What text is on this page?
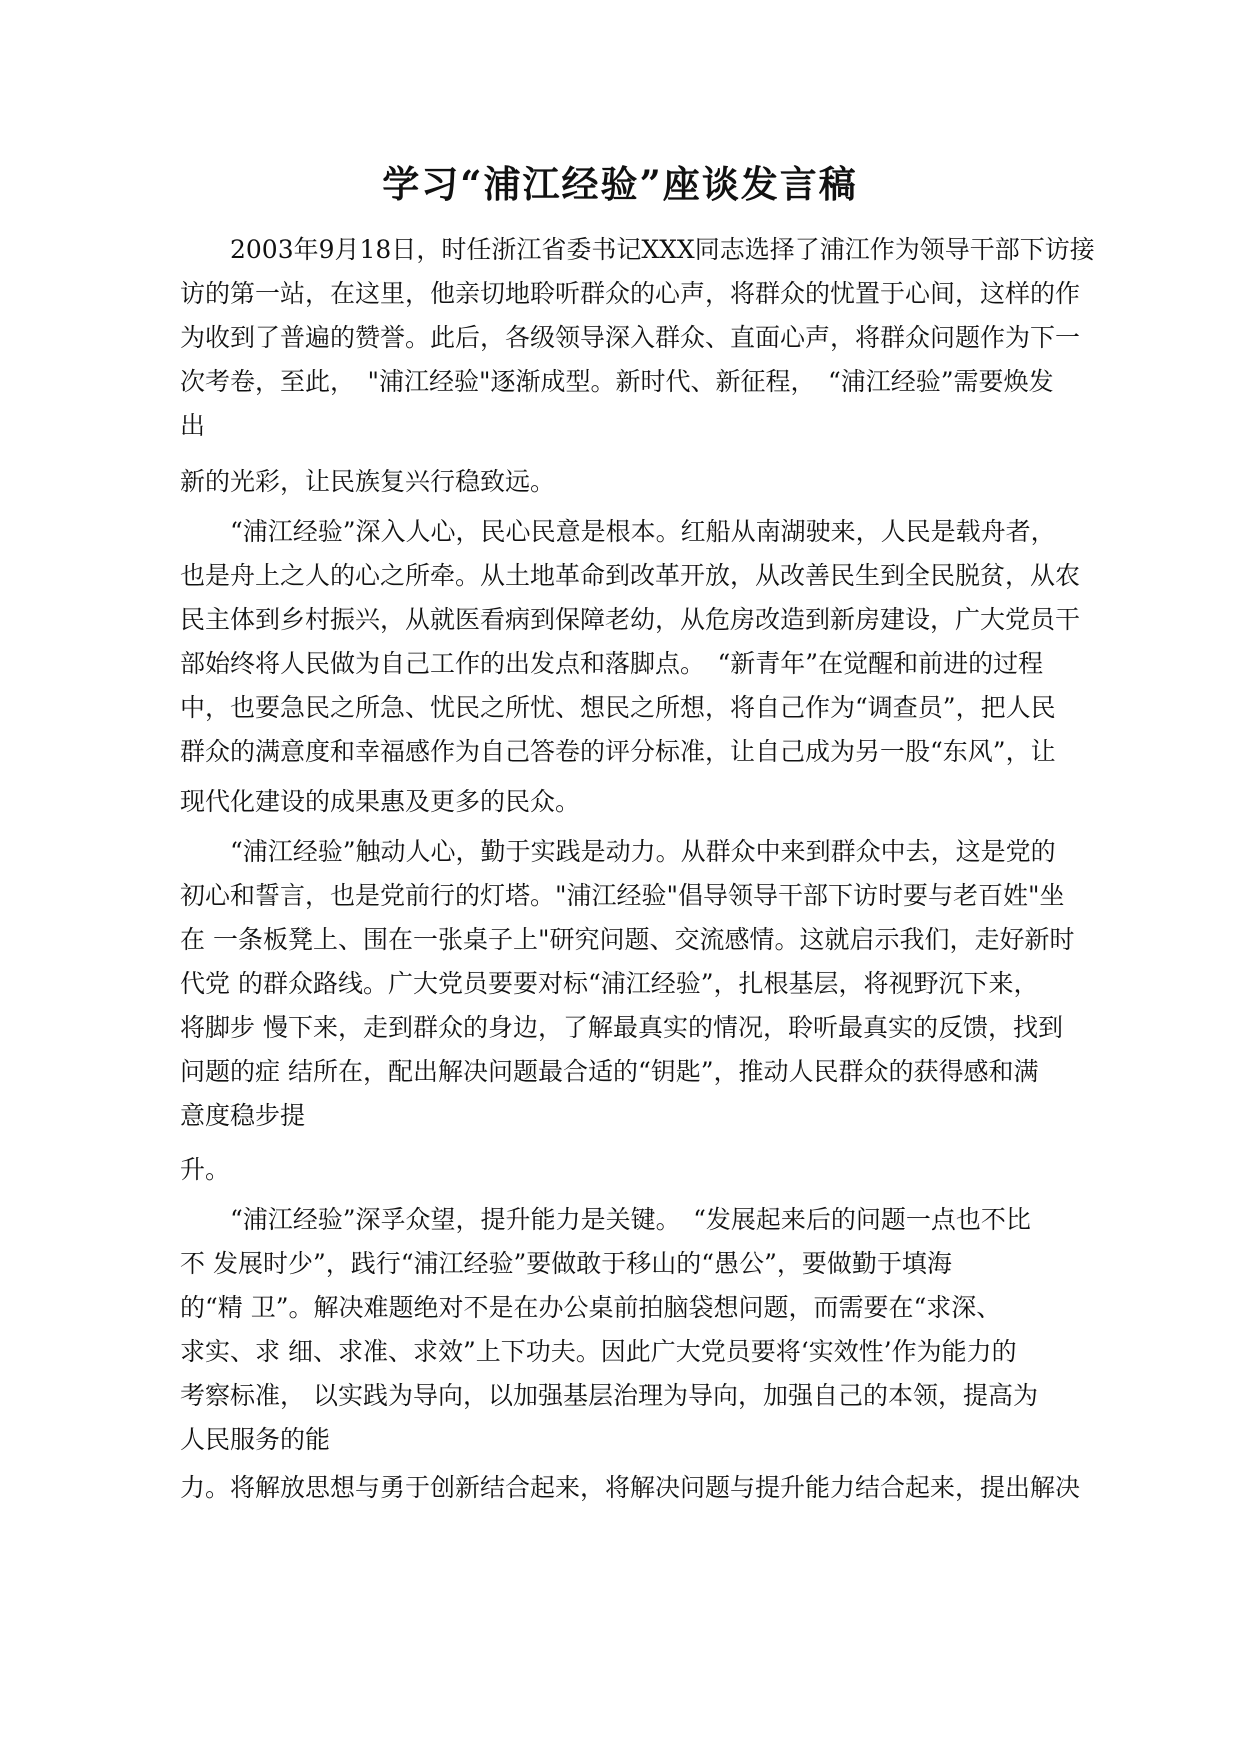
学习“浦江经验”座谈发言稿
2003年9月18日，时任浙江省委书记XXX同志选择了浦江作为领导干部下访接
访的第一站，在这里，他亲切地聆听群众的心声，将群众的忧置于心间，这样的作
为收到了普遍的赞誉。此后，各级领导深入群众、直面心声，将群众问题作为下一
次考卷，至此，　"浦江经验"逐渐成型。新时代、新征程，　“浦江经验”需要焕发
出
新的光彩，让民族复兴行稳致远。
“浦江经验”深入人心，民心民意是根本。红船从南湖驶来，人民是载舟者，
也是舟上之人的心之所牵。从土地革命到改革开放，从改善民生到全民脱贫，从农
民主体到乡村振兴，从就医看病到保障老幼，从危房改造到新房建设，广大党员干
部始终将人民做为自己工作的出发点和落脚点。　“新青年”在觉醒和前进的过程
中，也要急民之所急、忧民之所忧、想民之所想，将自己作为“调查员”，把人民
群众的满意度和幸福感作为自己答卷的评分标准，让自己成为另一股“东风”，让
现代化建设的成果惠及更多的民众。
“浦江经验”触动人心，勤于实践是动力。从群众中来到群众中去，这是党的
初心和誓言，也是党前行的灯塔。"浦江经验"倡导领导干部下访时要与老百姓"坐
在 一条板凳上、围在一张桌子上"研究问题、交流感情。这就启示我们，走好新时
代党 的群众路线。广大党员要要对标“浦江经验”，扎根基层，将视野沉下来，
将脚步 慢下来，走到群众的身边，了解最真实的情况，聆听最真实的反馈，找到
问题的症 结所在，配出解决问题最合适的“钥匙”，推动人民群众的获得感和满
意度稳步提
升。
“浦江经验”深孚众望，提升能力是关键。　“发展起来后的问题一点也不比
不 发展时少”，践行“浦江经验”要做敢于移山的“愚公”，要做勤于填海
的“精 卫”。解决难题绝对不是在办公桌前拍脑袋想问题，而需要在“求深、
求实、求 细、求准、求效”上下功夫。因此广大党员要将‘实效性’作为能力的
考察标准， 以实践为导向，以加强基层治理为导向，加强自己的本领，提高为
人民服务的能
力。将解放思想与勇于创新结合起来，将解决问题与提升能力结合起来，提出解决
